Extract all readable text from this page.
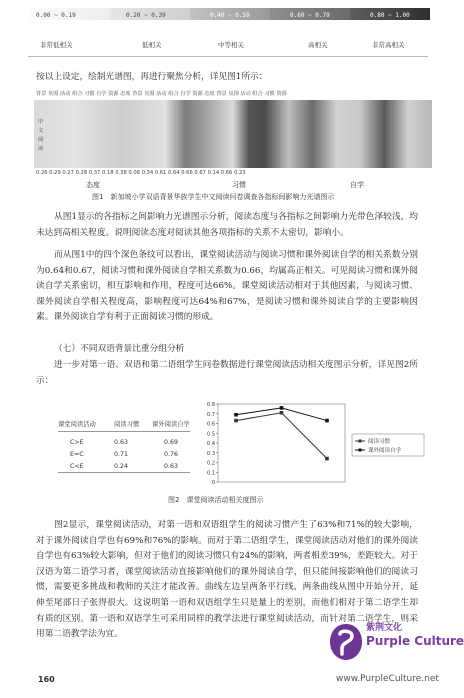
0.00 ~ 0.19	0.20 ~ 0.39	0.40 ~ 0.59	0.60 ~ 0.79	0.80 ~ 1.00
非常低相关	低相关	中等相关	高相关	非常高相关
按以上设定，绘制光谱图，再进行聚焦分析，详见图1所示：
背景 氛围 活动 组合 习惯 自学 资源 态度 背景 氛围 活动 组合 自学 资源 态度 背景 氛围 活动 组合 习惯 资源
中文阅读
0.26 0.29 0.27 0.28 0.37 0.18 0.38 0.08 0.34 0.61 0.64 0.66 0.67 0.14 0.66 0.23
态度	习惯	自学
图1　新加坡小学双语背景华族学生中文阅读问卷调查各指标间影响力光谱图示
从图1显示的各指标之间影响力光谱图示分析，阅读态度与各指标之间影响力光带色泽较浅，均未达到高相关程度。说明阅读态度对阅读其他各项指标的关系不太密切，影响小。
而从图1中的四个深色条纹可以看出，课堂阅读活动与阅读习惯和课外阅读自学的相关系数分别为0.64和0.67，阅读习惯和课外阅读自学相关系数为0.66，均属高正相关。可见阅读习惯和课外阅读自学关系密切，相互影响和作用，程度可达66%。课堂阅读活动相对于其他因素，与阅读习惯、课外阅读自学相关程度高，影响程度可达64%和67%，是阅读习惯和课外阅读自学的主要影响因素。课外阅读自学有利于正面阅读习惯的形成。
（七）不同双语背景比重分组分析
进一步对第一语、双语和第二语组学生问卷数据进行课堂阅读活动相关度图示分析，详见图2所示：
课堂阅读活动	阅读习惯	课外阅读自学
C>E	0.63	0.69
E=C	0.71	0.76
C<E	0.24	0.63
0.8
0.7
0.6
0.5
0.4
0.3
0.2
0.1
0
阅读习惯
课外阅读自学
图2　课堂阅读活动相关度图示
图2显示，课堂阅读活动，对第一语和双语组学生的阅读习惯产生了63%和71%的较大影响，对于课外阅读自学也有69%和76%的影响。而对于第二语组学生，课堂阅读活动对他们的课外阅读自学也有63%较大影响，但对于他们的阅读习惯只有24%的影响，两者相差39%，差距较大。对于汉语为第二语学习者，课堂阅读活动直接影响他们的课外阅读自学，但只能间接影响他们的阅读习惯，需要更多挑战和教师的关注才能改善。曲线左边呈两条平行线，两条曲线从图中开始分开，延伸至尾部日子张得很大。这说明第一语和双语组学生只是量上的差别，而他们相对于第二语学生却有质的区别。第一语和双语学生可采用同样的教学法进行课堂阅读活动，而针对第二语学生，则采用第二语教学法为宜。
紫荆文化
Purple Culture
www.PurpleCulture.net
160
